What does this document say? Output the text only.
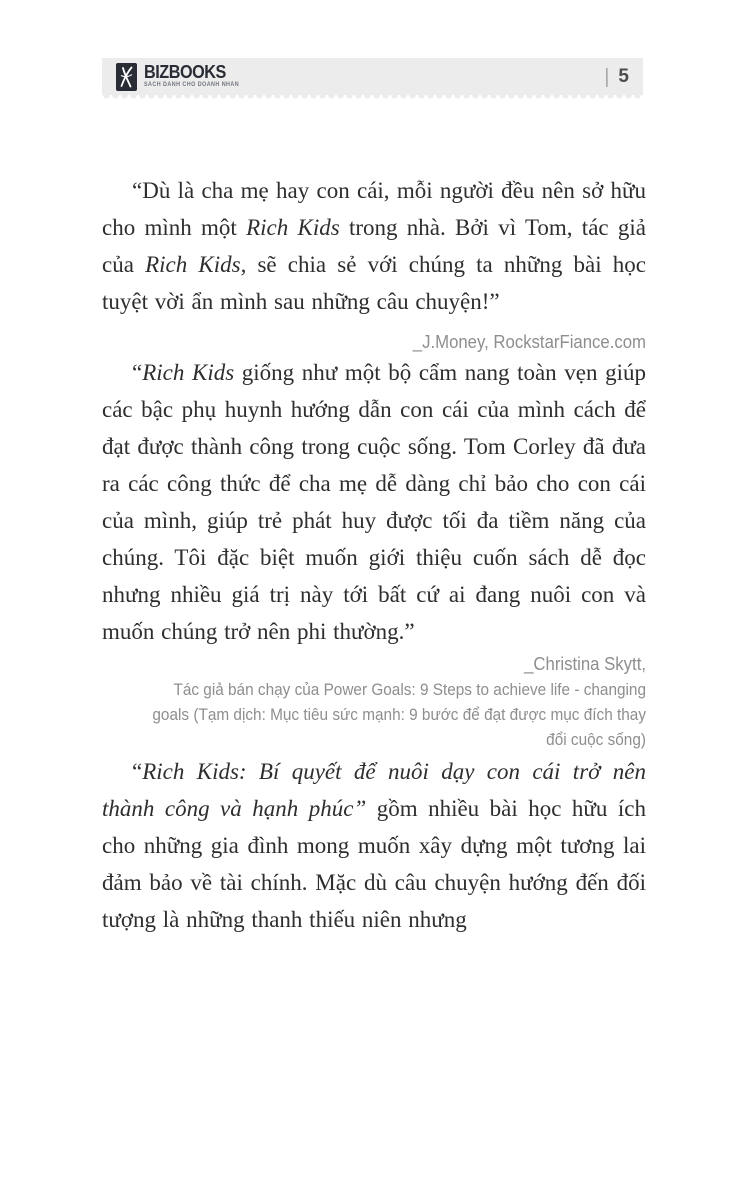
BIZBOOKS
SÁCH DÀNH CHO DOANH NHÂN	| 5

“Dù là cha mẹ hay con cái, mỗi người đều nên sở hữu cho mình một Rich Kids trong nhà. Bởi vì Tom, tác giả của Rich Kids, sẽ chia sẻ với chúng ta những bài học tuyệt vời ẩn mình sau những câu chuyện!”

_J.Money, RockstarFiance.com

“Rich Kids giống như một bộ cẩm nang toàn vẹn giúp các bậc phụ huynh hướng dẫn con cái của mình cách để đạt được thành công trong cuộc sống. Tom Corley đã đưa ra các công thức để cha mẹ dễ dàng chỉ bảo cho con cái của mình, giúp trẻ phát huy được tối đa tiềm năng của chúng. Tôi đặc biệt muốn giới thiệu cuốn sách dễ đọc nhưng nhiều giá trị này tới bất cứ ai đang nuôi con và muốn chúng trở nên phi thường.”

_Christina Skytt,
Tác giả bán chạy của Power Goals: 9 Steps to achieve life - changing goals (Tạm dịch: Mục tiêu sức mạnh: 9 bước để đạt được mục đích thay đổi cuộc sống)

“Rich Kids: Bí quyết để nuôi dạy con cái trở nên thành công và hạnh phúc” gồm nhiều bài học hữu ích cho những gia đình mong muốn xây dựng một tương lai đảm bảo về tài chính. Mặc dù câu chuyện hướng đến đối tượng là những thanh thiếu niên nhưng
